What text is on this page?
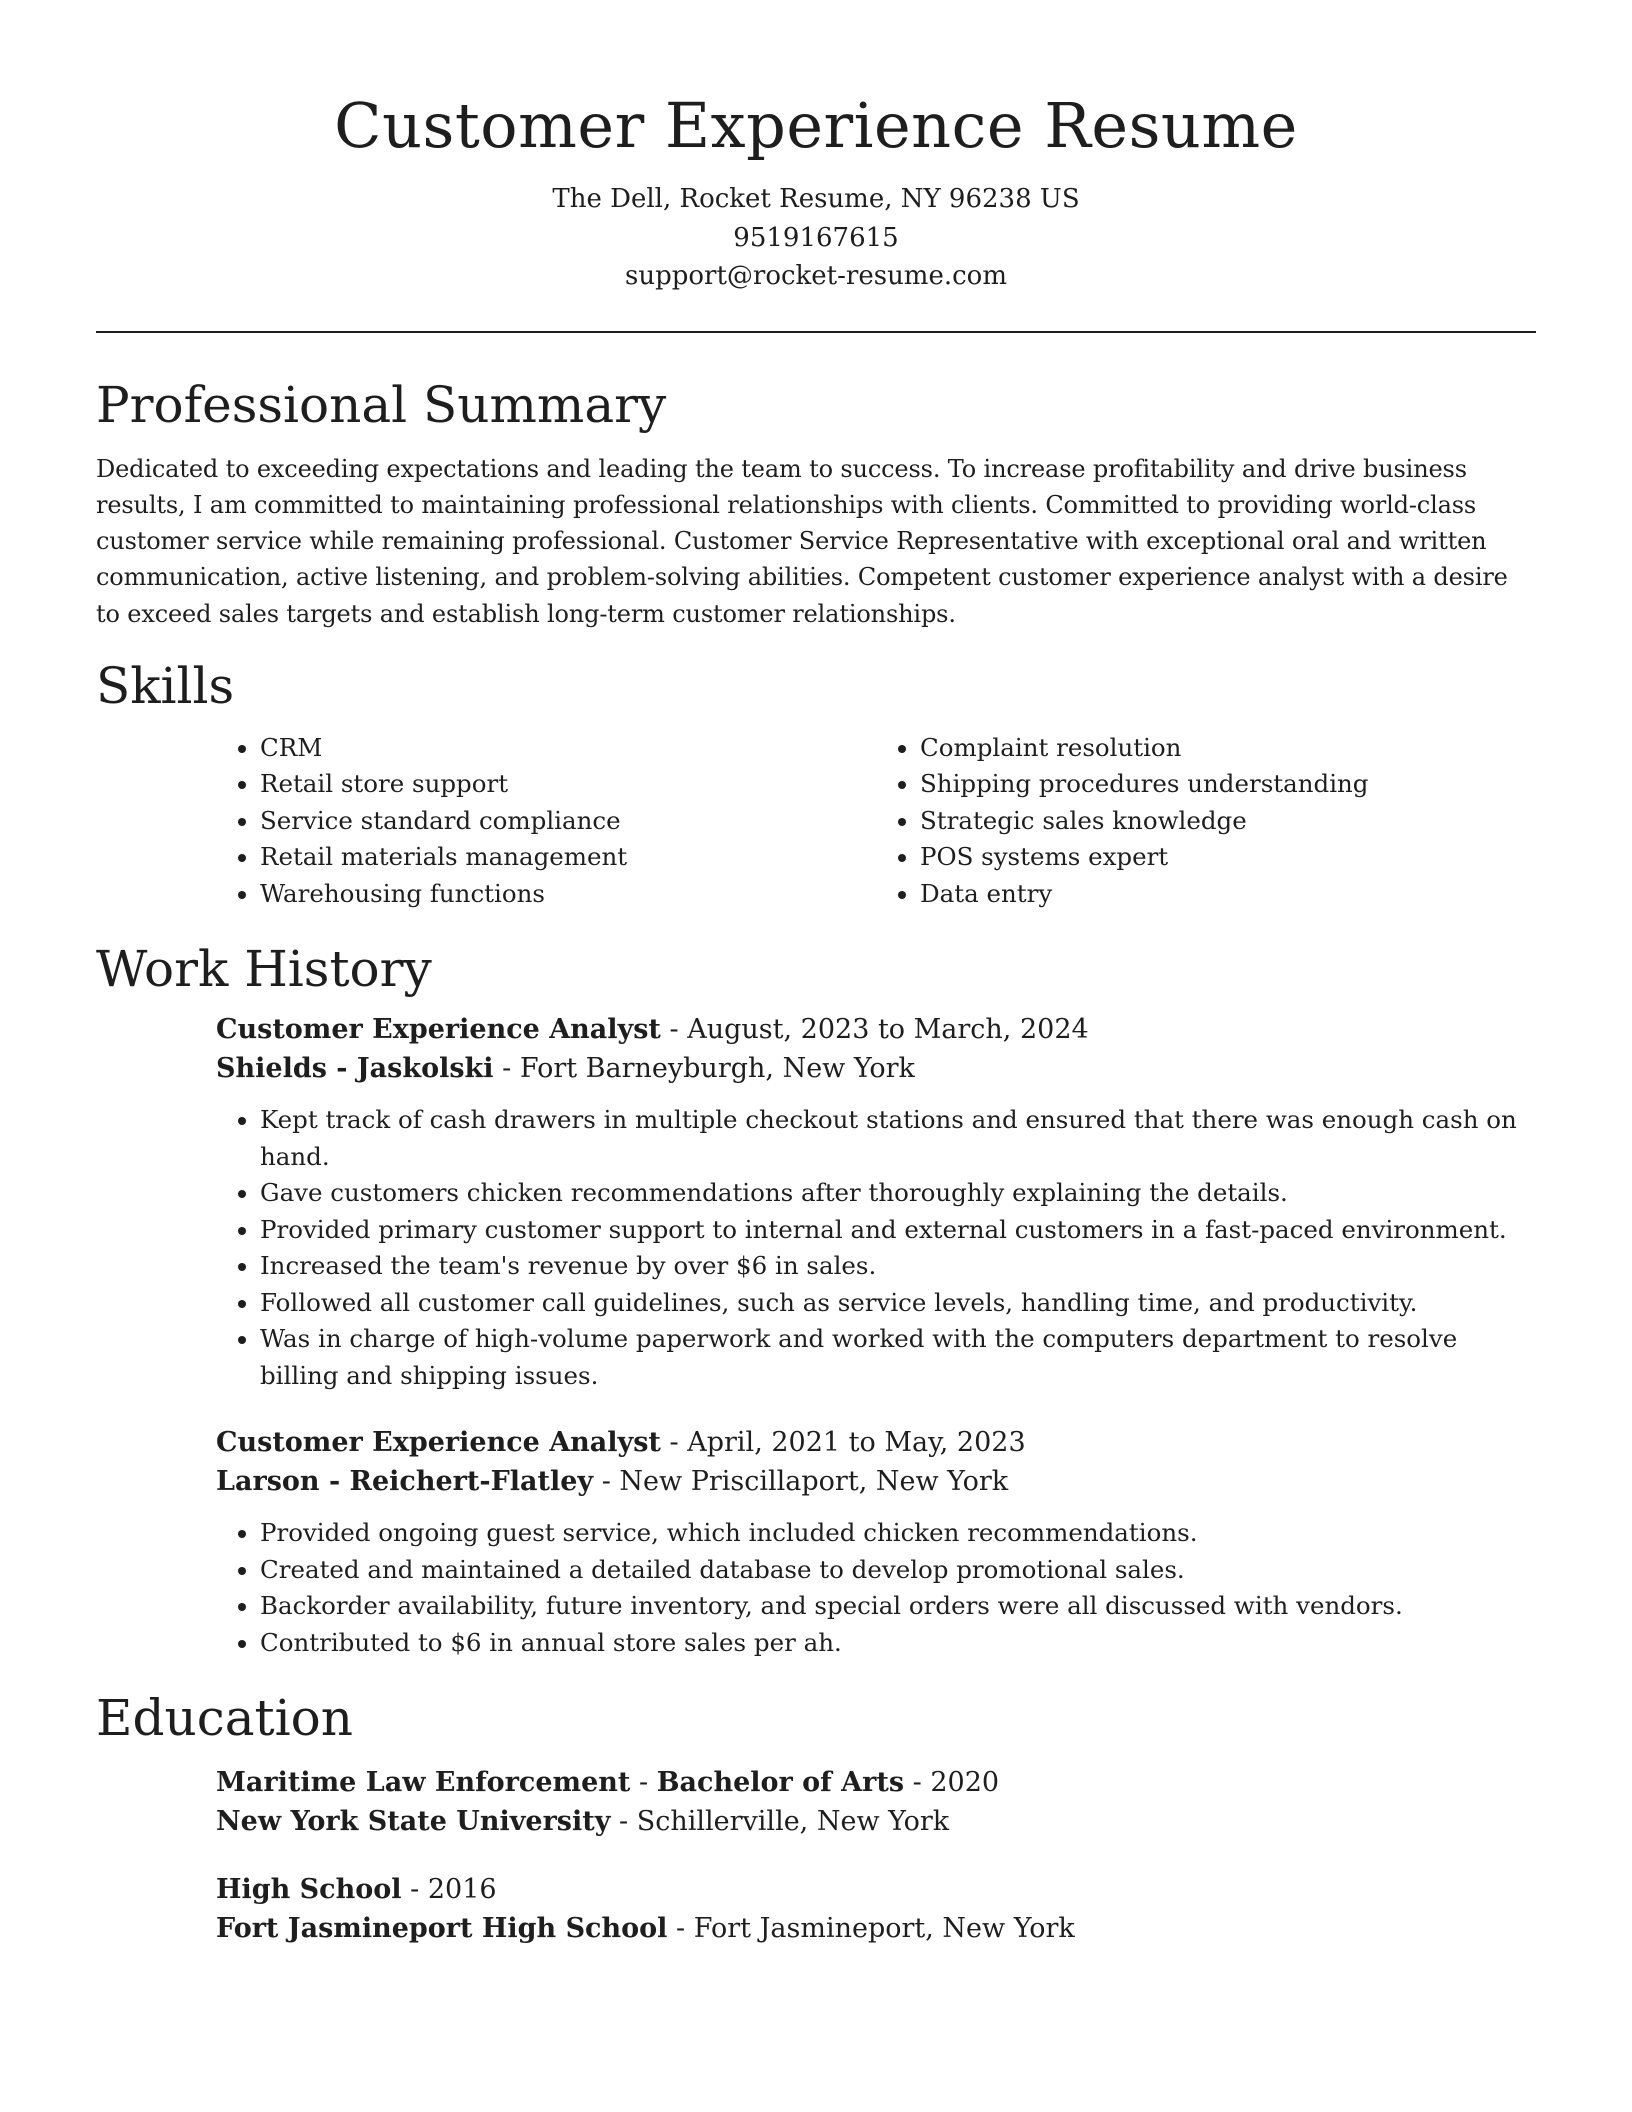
Customer Experience Resume
The Dell, Rocket Resume, NY 96238 US
9519167615
support@rocket-resume.com
Professional Summary

Dedicated to exceeding expectations and leading the team to success. To increase profitability and drive business results, I am committed to maintaining professional relationships with clients. Committed to providing world-class customer service while remaining professional. Customer Service Representative with exceptional oral and written communication, active listening, and problem-solving abilities. Competent customer experience analyst with a desire to exceed sales targets and establish long-term customer relationships.

Skills
• CRM
• Retail store support
• Service standard compliance
• Retail materials management
• Warehousing functions
• Complaint resolution
• Shipping procedures understanding
• Strategic sales knowledge
• POS systems expert
• Data entry
Work History
Customer Experience Analyst - August, 2023 to March, 2024
Shields - Jaskolski - Fort Barneyburgh, New York
• Kept track of cash drawers in multiple checkout stations and ensured that there was enough cash on hand.
• Gave customers chicken recommendations after thoroughly explaining the details.
• Provided primary customer support to internal and external customers in a fast-paced environment.
• Increased the team's revenue by over $6 in sales.
• Followed all customer call guidelines, such as service levels, handling time, and productivity.
• Was in charge of high-volume paperwork and worked with the computers department to resolve billing and shipping issues.
Customer Experience Analyst - April, 2021 to May, 2023
Larson - Reichert-Flatley - New Priscillaport, New York
• Provided ongoing guest service, which included chicken recommendations.
• Created and maintained a detailed database to develop promotional sales.
• Backorder availability, future inventory, and special orders were all discussed with vendors.
• Contributed to $6 in annual store sales per ah.
Education
Maritime Law Enforcement - Bachelor of Arts - 2020
New York State University - Schillerville, New York
High School - 2016
Fort Jasmineport High School - Fort Jasmineport, New York
